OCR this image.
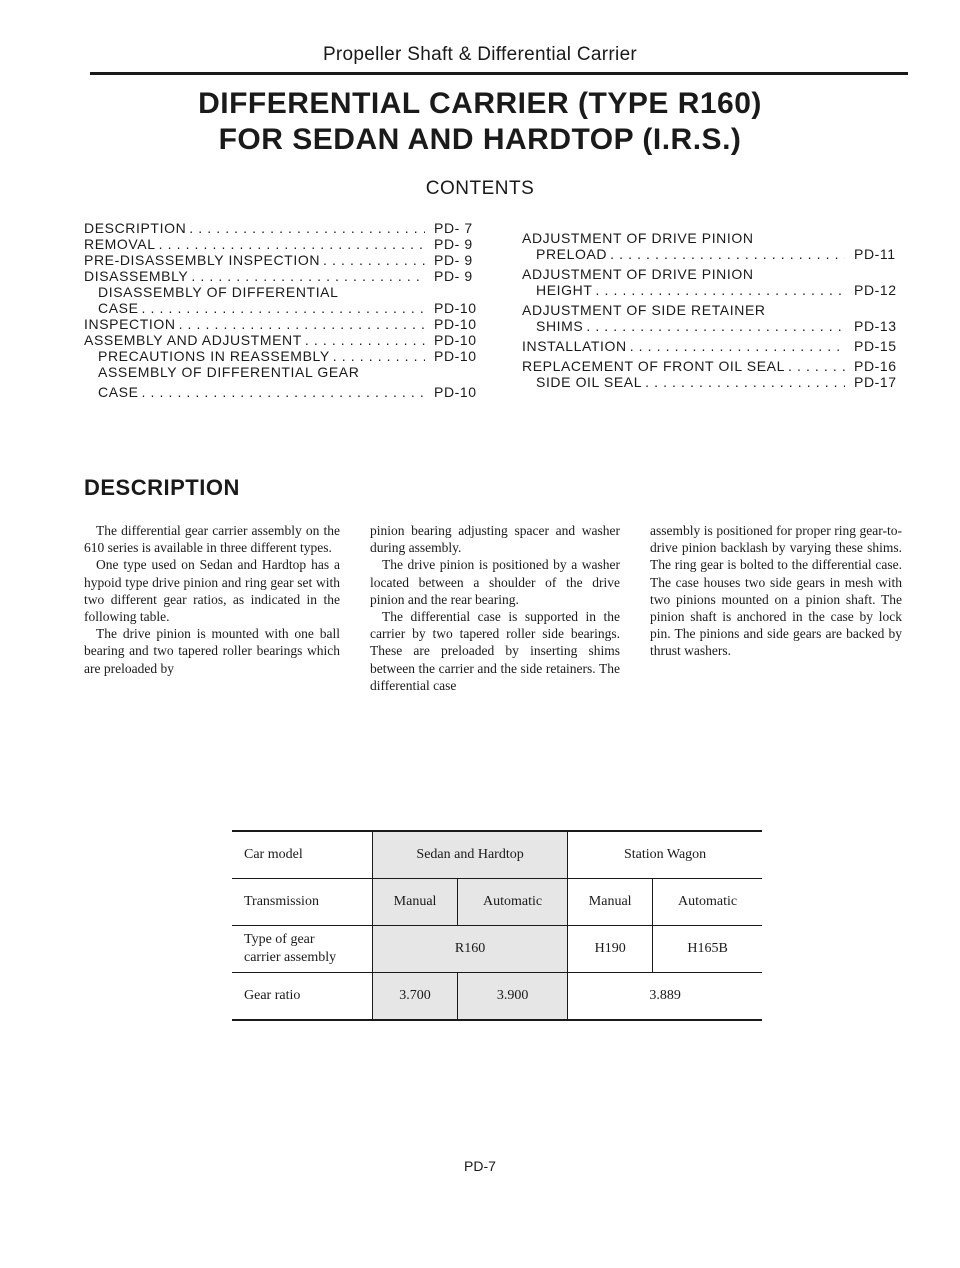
Propeller Shaft & Differential Carrier
DIFFERENTIAL CARRIER (TYPE R160)
FOR SEDAN AND HARDTOP (I.R.S.)
CONTENTS
DESCRIPTION . . .	PD- 7
REMOVAL . . .	PD- 9
PRE-DISASSEMBLY INSPECTION . . .	PD- 9
DISASSEMBLY . . .	PD- 9
DISASSEMBLY OF DIFFERENTIAL
CASE . . .	PD-10
INSPECTION . . .	PD-10
ASSEMBLY AND ADJUSTMENT . . .	PD-10
PRECAUTIONS IN REASSEMBLY . . .	PD-10
ASSEMBLY OF DIFFERENTIAL GEAR
CASE . . .	PD-10
ADJUSTMENT OF DRIVE PINION
PRELOAD . . .	PD-11
ADJUSTMENT OF DRIVE PINION
HEIGHT . . .	PD-12
ADJUSTMENT OF SIDE RETAINER
SHIMS . . .	PD-13
INSTALLATION . . .	PD-15
REPLACEMENT OF FRONT OIL SEAL . . .	PD-16
SIDE OIL SEAL . . .	PD-17
DESCRIPTION

The differential gear carrier assembly on the 610 series is available in three different types.

One type used on Sedan and Hardtop has a hypoid type drive pinion and ring gear set with two different gear ratios, as indicated in the following table.

The drive pinion is mounted with one ball bearing and two tapered roller bearings which are preloaded by

pinion bearing adjusting spacer and washer during assembly.

The drive pinion is positioned by a washer located between a shoulder of the drive pinion and the rear bearing.

The differential case is supported in the carrier by two tapered roller side bearings. These are preloaded by inserting shims between the carrier and the side retainers. The differential case

assembly is positioned for proper ring gear-to-drive pinion backlash by varying these shims. The ring gear is bolted to the differential case. The case houses two side gears in mesh with two pinions mounted on a pinion shaft. The pinion shaft is anchored in the case by lock pin. The pinions and side gears are backed by thrust washers.

Car model	Sedan and Hardtop		Station Wagon	
Transmission	Manual	Automatic	Manual	Automatic

Type of gear
carrier assembly	R160		H190	H165B
Gear ratio	3.700	3.900	3.889	
PD-7
